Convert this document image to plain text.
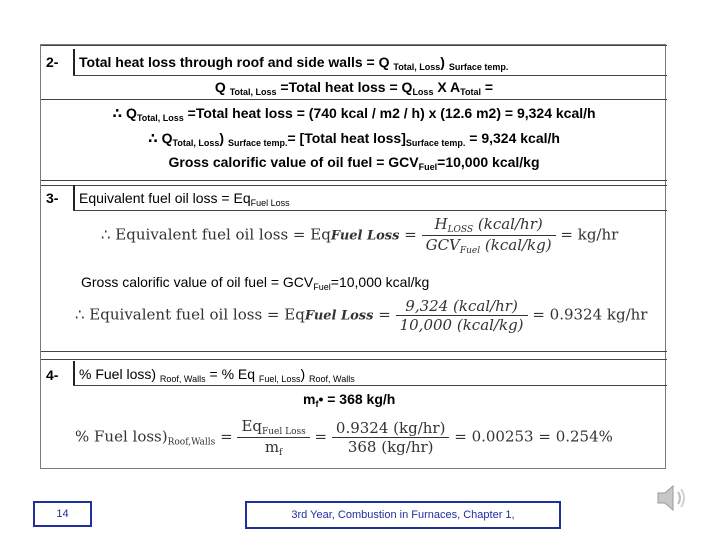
2- Total heat loss through roof and side walls = Q $_{Total, Loss}$) $_{Surface temp.}$
Q $_{Total, Loss}$ =Total heat loss = $Q_{Loss}$ X $A_{Total}$ =
∴ $Q_{Total, Loss}$ =Total heat loss = (740 kcal / m2 / h) x (12.6 m2) = 9,324 kcal/h
∴ $Q_{Total, Loss}$) $_{Surface temp.}$= [Total heat $loss]_{Surface temp.} = 9,324$ kcal/h
Gross calorific value of oil fuel = $GCV_{Fuel}=10,000$ kcal/kg
3- Equivalent fuel oil loss = $Eq_{Fuel Loss}$
∴ Equivalent fuel oil loss = EqFuel Loss = $\frac{H_{LOSS} (kcal/hr)}{GCV_{Fuel} (kcal/kg)} = kg/hr$
Gross calorific value of oil fuel = $GCV_{Fuel}=10,000$ kcal/kg
∴ Equivalent fuel oil loss = EqFuel Loss = $\frac{\text{9,324 (kcal/hr)}}{\text{10,000 (kcal/kg)}} = 0.9324$ kg/hr
4- % Fuel loss) $_{Roof, Walls}$ = % Eq $_{Fuel, Loss}$) $_{Roof, Walls}$
$m_f• = 368$ kg/h
% Fuel $loss)_{Roof,Walls} = \frac{Eq_{Fuel Loss}}{m_f} = \frac{0.9324 (kg/hr)}{368 (kg/hr)} = 0.00253 = 0.254\%$
14	3rd Year, Combustion in Furnaces, Chapter 1,
